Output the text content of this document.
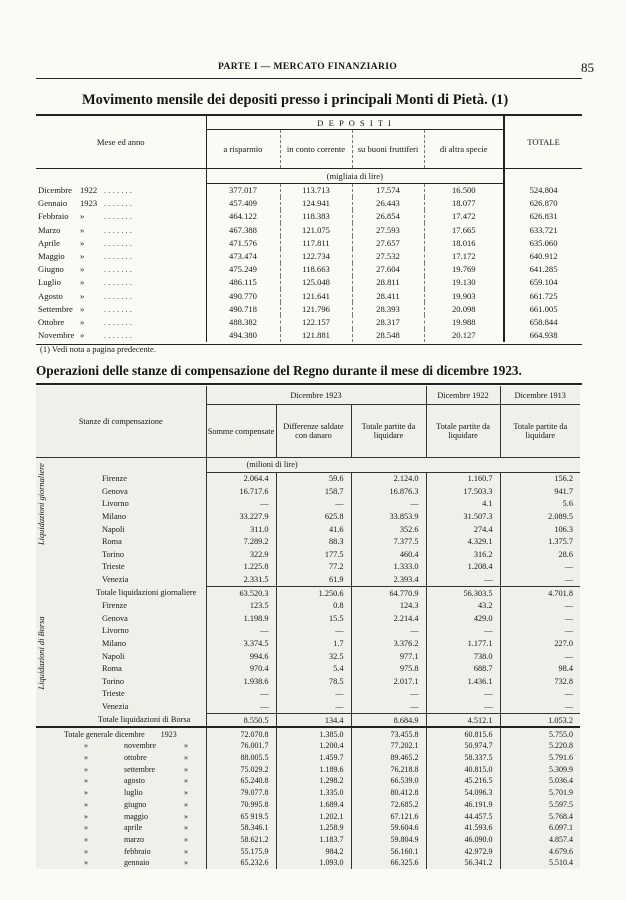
PARTE I — MERCATO FINANZIARIO	85
Movimento mensile dei depositi presso i principali Monti di Pietà. (1)
Mese ed anno			D E P O S I T I				TOTALE
			a risparmio	in conto corrente	su buoni fruttiferi	di altra specie	
			(migliaia di lire)				
Dicembre	1922	. . . . . . .	377.017	113.713	17.574	16.500	524.804
Gennaio	1923	. . . . . . .	457.409	124.941	26.443	18.077	626.870
Febbraio	»	. . . . . . .	464.122	118.383	26.854	17.472	626.831
Marzo	»	. . . . . . .	467.388	121.075	27.593	17.665	633.721
Aprile	»	. . . . . . .	471.576	117.811	27.657	18.016	635.060
Maggio	»	. . . . . . .	473.474	122.734	27.532	17.172	640.912
Giugno	»	. . . . . . .	475.249	118.663	27.604	19.769	641.285
Luglio	»	. . . . . . .	486.115	125.048	28.811	19.130	659.104
Agosto	»	. . . . . . .	490.770	121.641	28.411	19.903	661.725
Settembre	»	. . . . . . .	490.718	121.796	28.393	20.098	661.005
Ottobre	»	. . . . . . .	488.382	122.157	28.317	19.988	658.844
Novembre	»	. . . . . . .	494.380	121.881	28.548	20.127	664.938
(1) Vedi nota a pagina predecente.
Operazioni delle stanze di compensazione del Regno durante il mese di dicembre 1923.
Stanze di compensazione		Dicembre 1923			Dicembre 1922	Dicembre 1913
		Somme compensate	Differenze saldate con danaro	Totale partite da liquidare	Totale partite da liquidare	Totale partite da liquidare
		(milioni di lire)				
	Firenze	2.064.4	59.6	2.124.0	1.160.7	156.2
	Genova	16.717.6	158.7	16.876.3	17.503.3	941.7
	Livorno	—	—	—	4.1	5.6
	Milano	33.227.9	625.8	33.853.9	31.507.3	2.089.5
	Napoli	311.0	41.6	352.6	274.4	106.3
	Roma	7.289.2	88.3	7.377.5	4.329.1	1.375.7
	Torino	322.9	177.5	460.4	316.2	28.6
	Trieste	1.225.8	77.2	1.333.0	1.208.4	—
	Venezia	2.331.5	61.9	2.393.4	—	—
	Totale liquidazioni giornaliere	63.520.3	1.250.6	64.770.9	56.303.5	4.701.8
	Firenze	123.5	0.8	124.3	43.2	—
	Genova	1.198.9	15.5	2.214.4	429.0	—
	Livorno	—	—	—	—	—
	Milano	3.374.5	1.7	3.376.2	1.177.1	227.0
	Napoli	994.6	32.5	977.1	738.0	—
	Roma	970.4	5.4	975.8	688.7	98.4
	Torino	1.938.6	78.5	2.017.1	1.436.1	732.8
	Trieste	—	—	—	—	—
	Venezia	—	—	—	—	—
	Totale liquidazioni di Borsa	8.550.5	134.4	8.684.9	4.512.1	1.053.2
Totale generale dicembre 1923		72.070.8	1.385.0	73.455.8	60.815.6	5.755.0
» novembre »		76.001.7	1.200.4	77.202.1	50.974.7	5.220.8
» ottobre »		88.005.5	1.459.7	89.465.2	58.337.5	5.791.6
» settembre »		75.029.2	1.189.6	76.218.8	40.815.0	5.309.9
» agosto »		65.240.8	1.298.2	66.539.0	45.216.5	5.036.4
» luglio »		79.077.8	1.335.0	80.412.8	54.096.3	5.701.9
» giugno »		70.995.8	1.689.4	72.685.2	46.191.9	5.597.5
» maggio »		65 919.5	1.202.1	67.121.6	44.457.5	5.768.4
» aprile »		58.346.1	1.258.9	59.604.6	41.593.6	6.097.1
» marzo »		58.621.2	1.183.7	59.804.9	46.090.0	4.857.4
» febbraio »		55.175.9	984.2	56.160.1	42.972.9	4.679.6
» gennaio »		65.232.6	1.093.0	66.325.6	56.341.2	5.510.4
Liquidazioni giornaliere
Liquidazioni di Borsa
